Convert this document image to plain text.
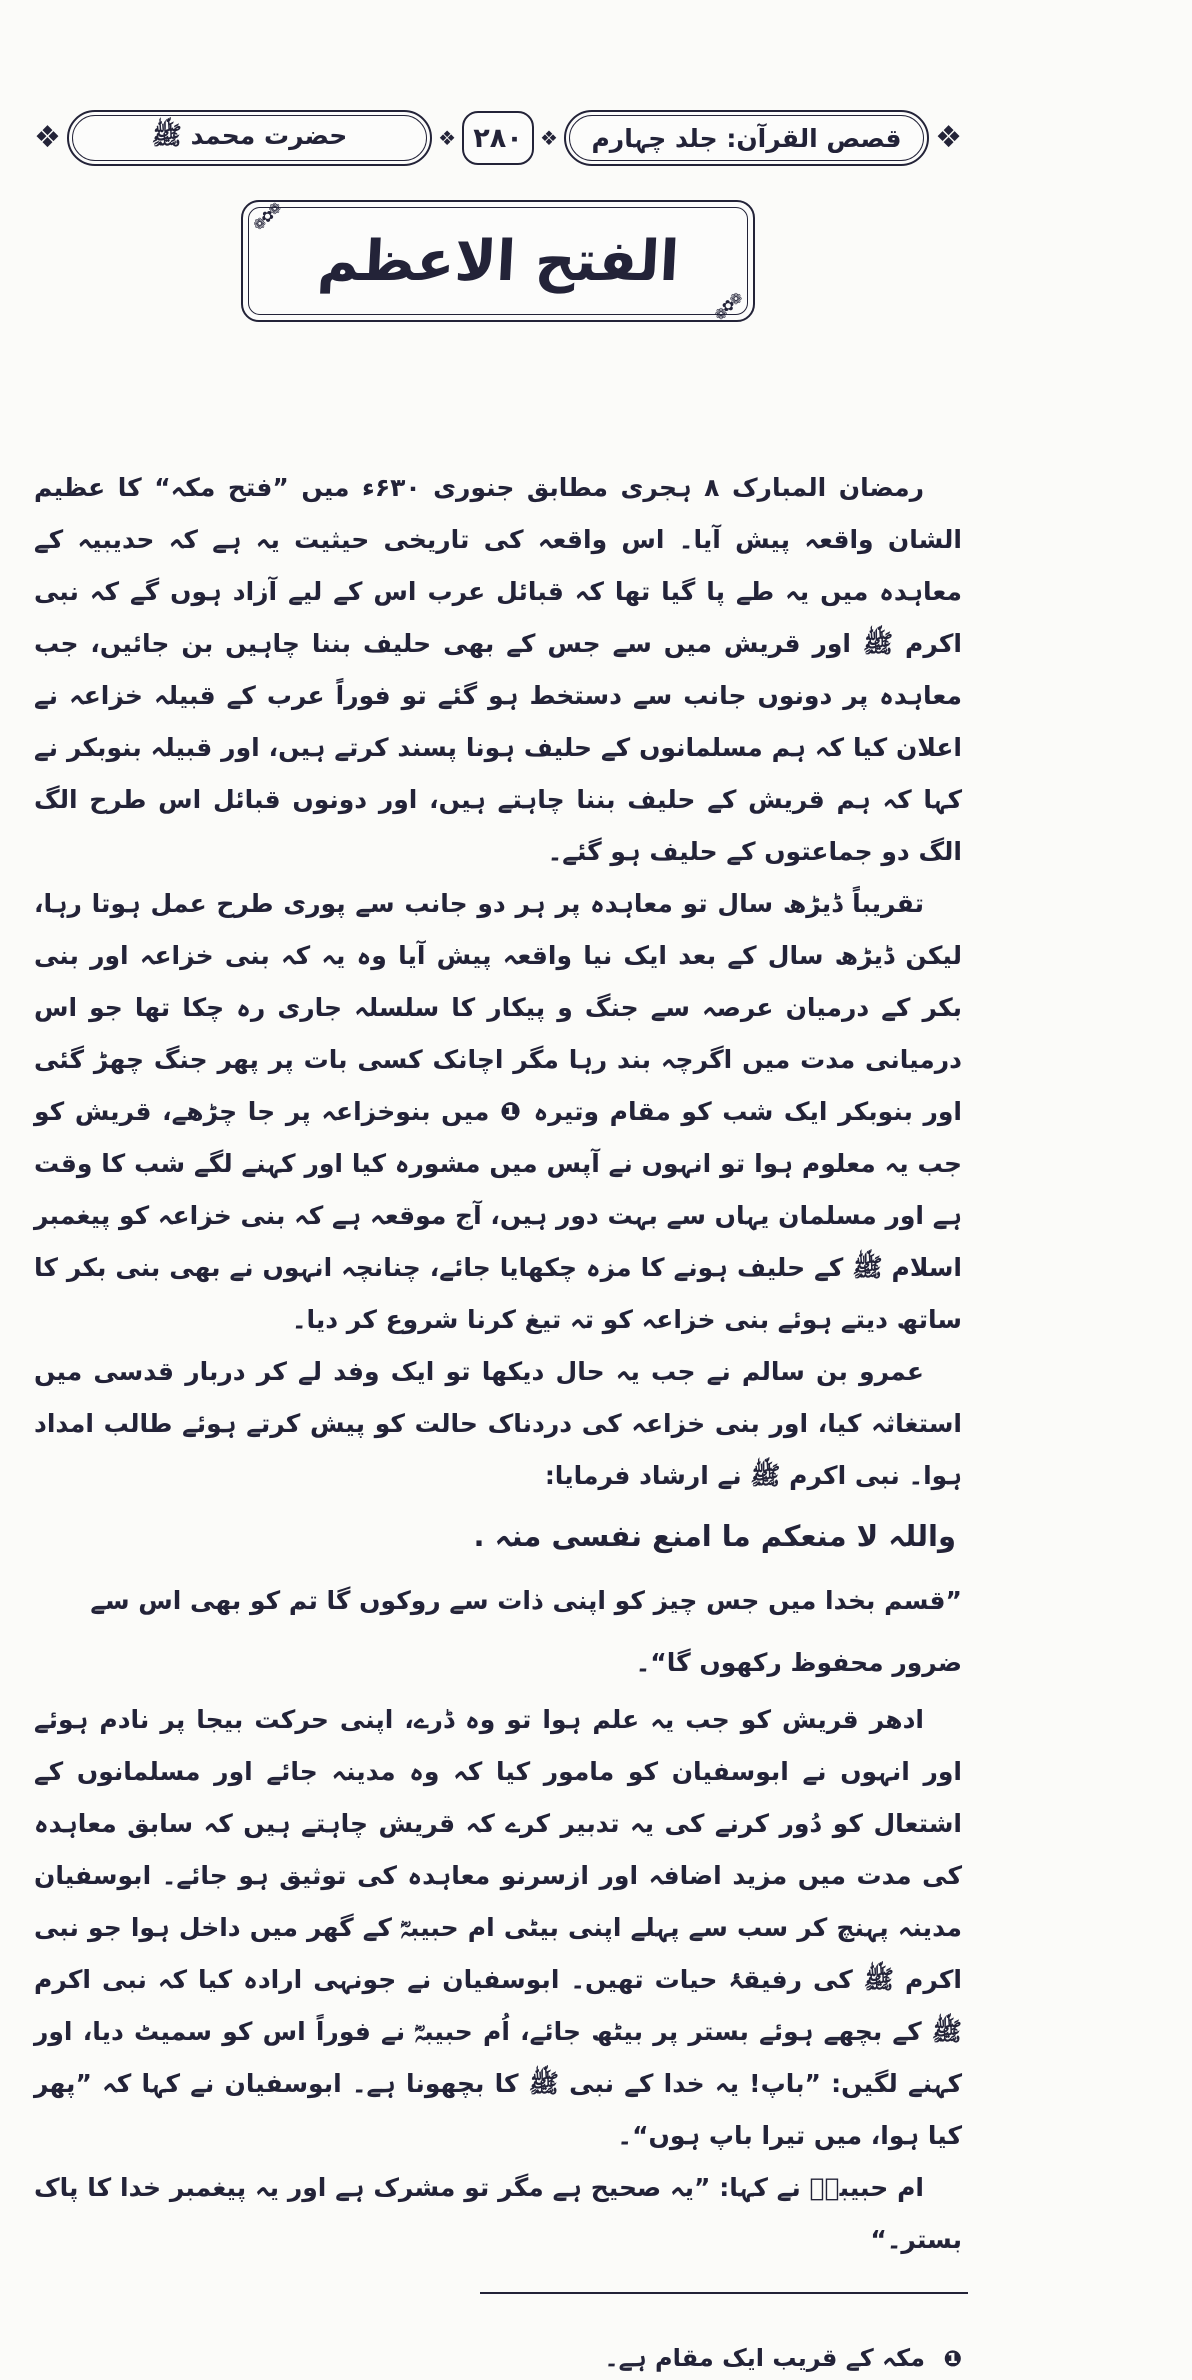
❖
قصص القرآن: جلد چہارم
❖
۲۸۰
❖
حضرت محمد ﷺ
❖
❁✿❁
❁✿❁
الفتح الاعظم

رمضان المبارک ۸ ہجری مطابق جنوری ۶۳۰ء میں ”فتح مکہ“ کا عظیم الشان واقعہ پیش آیا۔ اس واقعہ کی تاریخی حیثیت یہ ہے کہ حدیبیہ کے معاہدہ میں یہ طے پا گیا تھا کہ قبائل عرب اس کے لیے آزاد ہوں گے کہ نبی اکرم ﷺ اور قریش میں سے جس کے بھی حلیف بننا چاہیں بن جائیں، جب معاہدہ پر دونوں جانب سے دستخط ہو گئے تو فوراً عرب کے قبیلہ خزاعہ نے اعلان کیا کہ ہم مسلمانوں کے حلیف ہونا پسند کرتے ہیں، اور قبیلہ بنوبکر نے کہا کہ ہم قریش کے حلیف بننا چاہتے ہیں، اور دونوں قبائل اس طرح الگ الگ دو جماعتوں کے حلیف ہو گئے۔

تقریباً ڈیڑھ سال تو معاہدہ پر ہر دو جانب سے پوری طرح عمل ہوتا رہا، لیکن ڈیڑھ سال کے بعد ایک نیا واقعہ پیش آیا وہ یہ کہ بنی خزاعہ اور بنی بکر کے درمیان عرصہ سے جنگ و پیکار کا سلسلہ جاری رہ چکا تھا جو اس درمیانی مدت میں اگرچہ بند رہا مگر اچانک کسی بات پر پھر جنگ چھڑ گئی اور بنوبکر ایک شب کو مقام وتیرہ ❶ میں بنوخزاعہ پر جا چڑھے، قریش کو جب یہ معلوم ہوا تو انہوں نے آپس میں مشورہ کیا اور کہنے لگے شب کا وقت ہے اور مسلمان یہاں سے بہت دور ہیں، آج موقعہ ہے کہ بنی خزاعہ کو پیغمبر اسلام ﷺ کے حلیف ہونے کا مزہ چکھایا جائے، چنانچہ انہوں نے بھی بنی بکر کا ساتھ دیتے ہوئے بنی خزاعہ کو تہ تیغ کرنا شروع کر دیا۔

عمرو بن سالم نے جب یہ حال دیکھا تو ایک وفد لے کر دربار قدسی میں استغاثہ کیا، اور بنی خزاعہ کی دردناک حالت کو پیش کرتے ہوئے طالب امداد ہوا۔ نبی اکرم ﷺ نے ارشاد فرمایا:

واللہ لا منعکم ما امنع نفسی منہ .
”قسم بخدا میں جس چیز کو اپنی ذات سے روکوں گا تم کو بھی اس سے ضرور محفوظ رکھوں گا“۔

ادھر قریش کو جب یہ علم ہوا تو وہ ڈرے، اپنی حرکت بیجا پر نادم ہوئے اور انہوں نے ابوسفیان کو مامور کیا کہ وہ مدینہ جائے اور مسلمانوں کے اشتعال کو دُور کرنے کی یہ تدبیر کرے کہ قریش چاہتے ہیں کہ سابق معاہدہ کی مدت میں مزید اضافہ اور ازسرنو معاہدہ کی توثیق ہو جائے۔ ابوسفیان مدینہ پہنچ کر سب سے پہلے اپنی بیٹی ام حبیبہؓ کے گھر میں داخل ہوا جو نبی اکرم ﷺ کی رفیقۂ حیات تھیں۔ ابوسفیان نے جونہی ارادہ کیا کہ نبی اکرم ﷺ کے بچھے ہوئے بستر پر بیٹھ جائے، اُم حبیبہؓ نے فوراً اس کو سمیٹ دیا، اور کہنے لگیں: ”باپ! یہ خدا کے نبی ﷺ کا بچھونا ہے۔ ابوسفیان نے کہا کہ ”پھر کیا ہوا، میں تیرا باپ ہوں“۔

ام حبیبہؓ نے کہا: ”یہ صحیح ہے مگر تو مشرک ہے اور یہ پیغمبر خدا کا پاک بستر۔“

❶ مکہ کے قریب ایک مقام ہے۔
